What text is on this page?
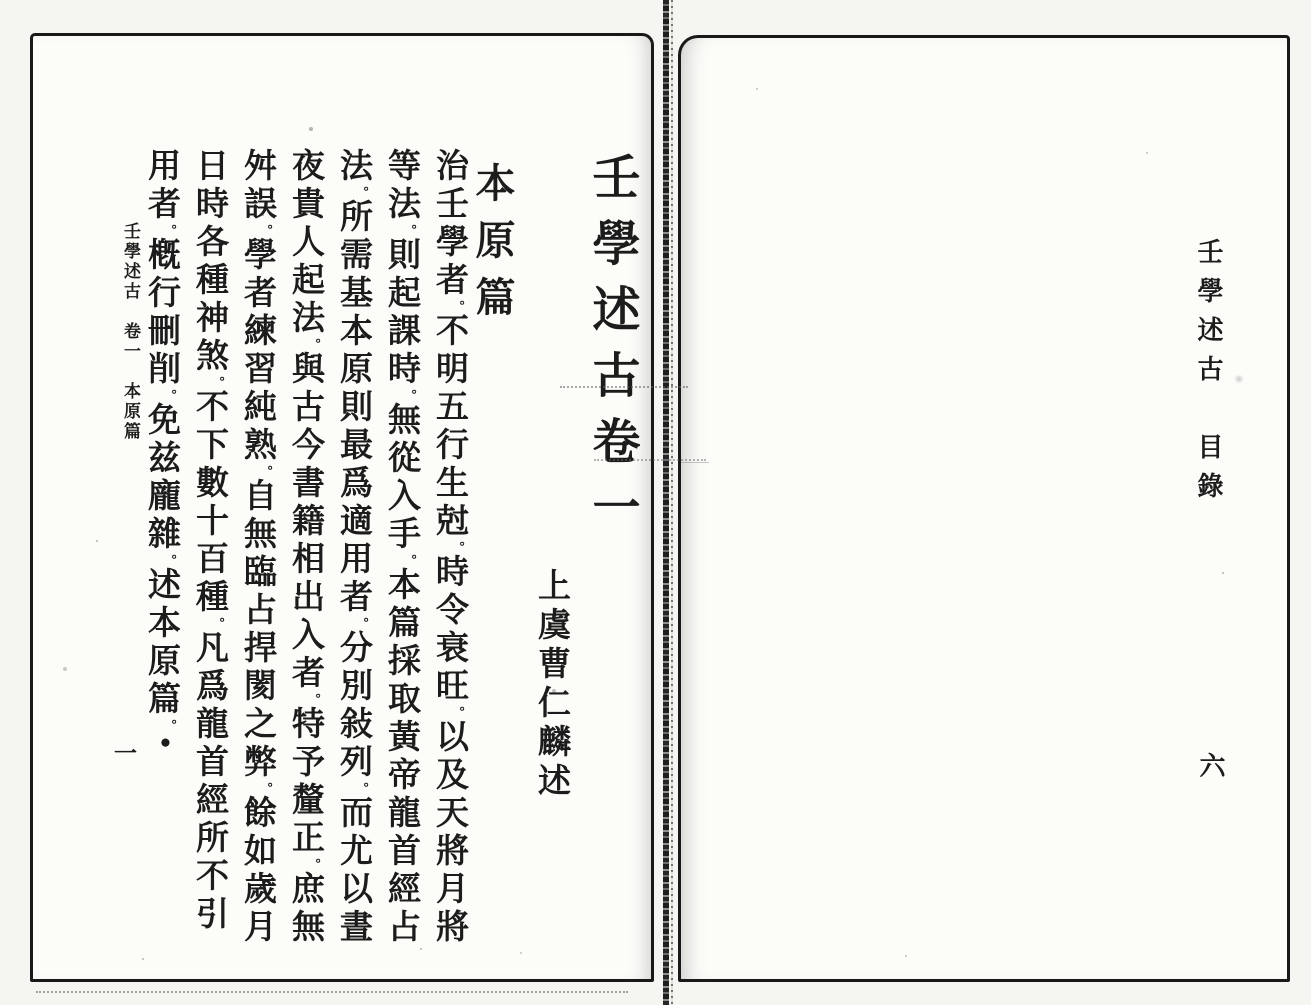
壬學述古卷一
本原篇
上虞曹仁麟述
治壬學者。不明五行生尅。時令衰旺。以及天將月將
等法。則起課時。無從入手。本篇採取黃帝龍首經占
法。所需基本原則最爲適用者。分別敍列。而尤以晝
夜貴人起法。與古今書籍相出入者。特予釐正。庶無
舛誤。學者練習純熟。自無臨占捍閡之弊。餘如歲月
日時各種神煞。不下數十百種。凡爲龍首經所不引
用者。槪行刪削。免兹龐雜。述本原篇。●
壬學述古　卷一　本原篇
一
壬學述古　目錄
六
